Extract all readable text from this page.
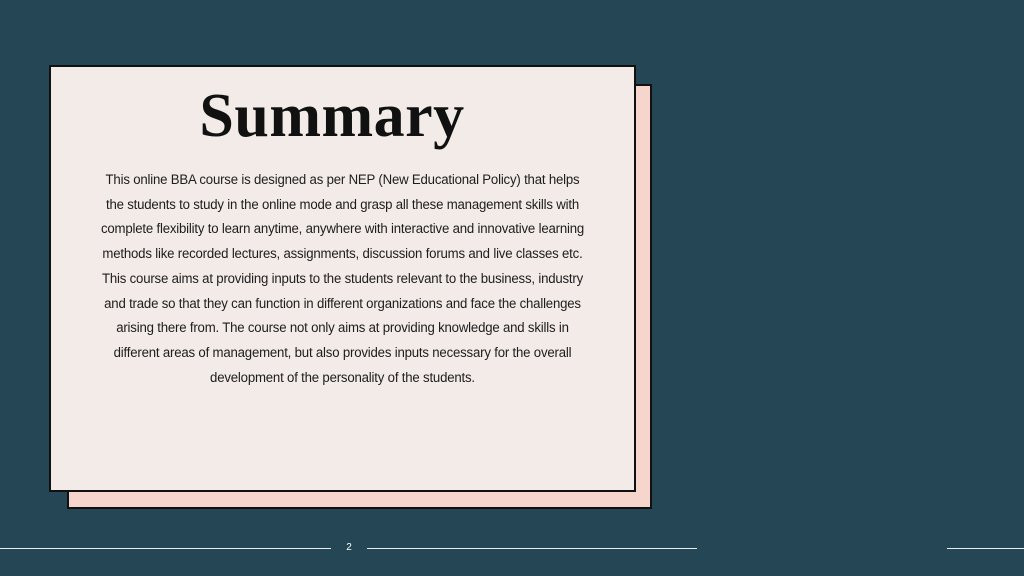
Summary

This online BBA course is designed as per NEP (New Educational Policy) that helps the students to study in the online mode and grasp all these management skills with complete flexibility to learn anytime, anywhere with interactive and innovative learning methods like recorded lectures, assignments, discussion forums and live classes etc. This course aims at providing inputs to the students relevant to the business, industry and trade so that they can function in different organizations and face the challenges arising there from. The course not only aims at providing knowledge and skills in different areas of management, but also provides inputs necessary for the overall development of the personality of the students.

2
